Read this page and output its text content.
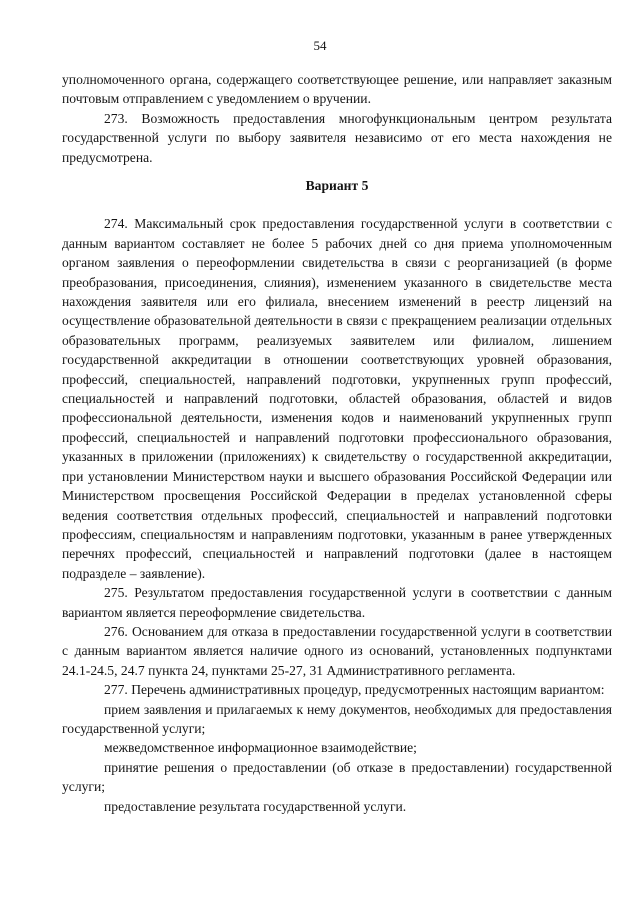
54

уполномоченного органа, содержащего соответствующее решение, или направляет заказным почтовым отправлением с уведомлением о вручении.

273. Возможность предоставления многофункциональным центром результата государственной услуги по выбору заявителя независимо от его места нахождения не предусмотрена.

Вариант 5

274. Максимальный срок предоставления государственной услуги в соответствии с данным вариантом составляет не более 5 рабочих дней со дня приема уполномоченным органом заявления о переоформлении свидетельства в связи с реорганизацией (в форме преобразования, присоединения, слияния), изменением указанного в свидетельстве места нахождения заявителя или его филиала, внесением изменений в реестр лицензий на осуществление образовательной деятельности в связи с прекращением реализации отдельных образовательных программ, реализуемых заявителем или филиалом, лишением государственной аккредитации в отношении соответствующих уровней образования, профессий, специальностей, направлений подготовки, укрупненных групп профессий, специальностей и направлений подготовки, областей образования, областей и видов профессиональной деятельности, изменения кодов и наименований укрупненных групп профессий, специальностей и направлений подготовки профессионального образования, указанных в приложении (приложениях) к свидетельству о государственной аккредитации, при установлении Министерством науки и высшего образования Российской Федерации или Министерством просвещения Российской Федерации в пределах установленной сферы ведения соответствия отдельных профессий, специальностей и направлений подготовки профессиям, специальностям и направлениям подготовки, указанным в ранее утвержденных перечнях профессий, специальностей и направлений подготовки (далее в настоящем подразделе – заявление).

275. Результатом предоставления государственной услуги в соответствии с данным вариантом является переоформление свидетельства.

276. Основанием для отказа в предоставлении государственной услуги в соответствии с данным вариантом является наличие одного из оснований, установленных подпунктами 24.1-24.5, 24.7 пункта 24, пунктами 25-27, 31 Административного регламента.

277. Перечень административных процедур, предусмотренных настоящим вариантом:

прием заявления и прилагаемых к нему документов, необходимых для предоставления государственной услуги;

межведомственное информационное взаимодействие;

принятие решения о предоставлении (об отказе в предоставлении) государственной услуги;

предоставление результата государственной услуги.
